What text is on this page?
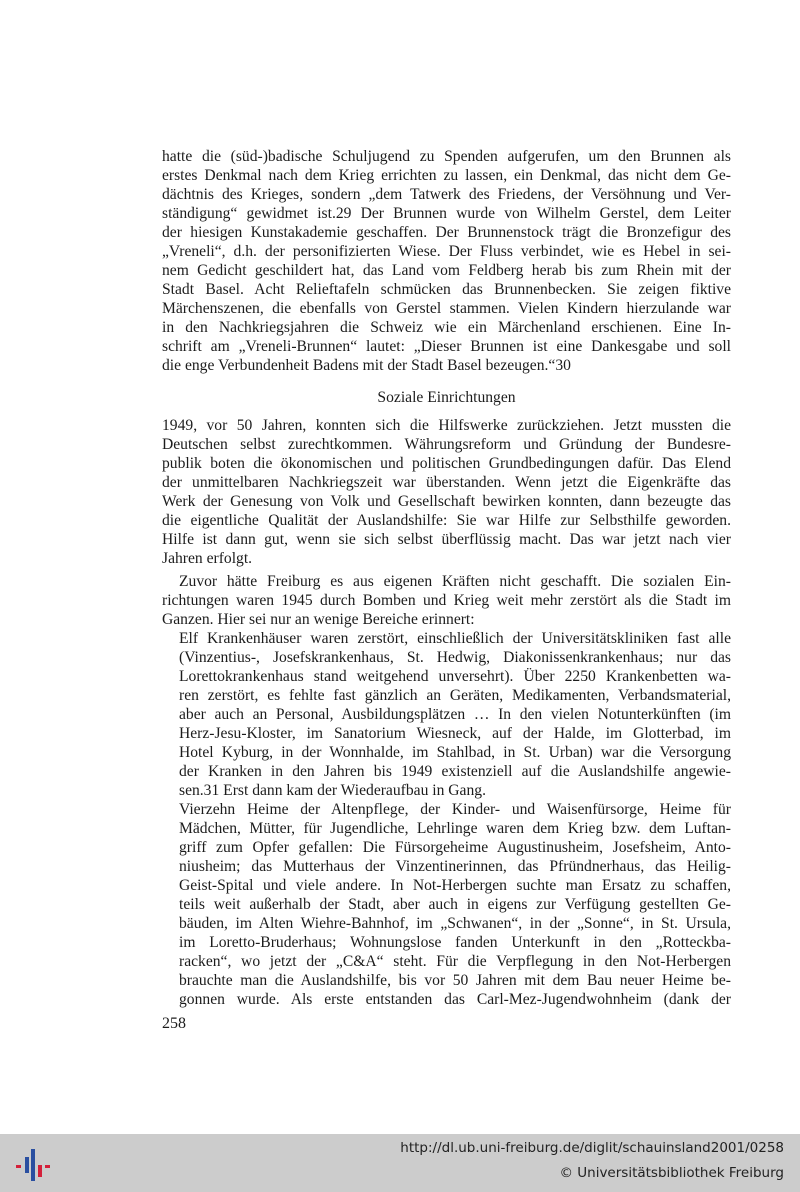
hatte die (süd-)badische Schuljugend zu Spenden aufgerufen, um den Brunnen als
erstes Denkmal nach dem Krieg errichten zu lassen, ein Denkmal, das nicht dem Ge-
dächtnis des Krieges, sondern „dem Tatwerk des Friedens, der Versöhnung und Ver-
ständigung“ gewidmet ist.29 Der Brunnen wurde von Wilhelm Gerstel, dem Leiter
der hiesigen Kunstakademie geschaffen. Der Brunnenstock trägt die Bronzefigur des
„Vreneli“, d.h. der personifizierten Wiese. Der Fluss verbindet, wie es Hebel in sei-
nem Gedicht geschildert hat, das Land vom Feldberg herab bis zum Rhein mit der
Stadt Basel. Acht Relieftafeln schmücken das Brunnenbecken. Sie zeigen fiktive
Märchenszenen, die ebenfalls von Gerstel stammen. Vielen Kindern hierzulande war
in den Nachkriegsjahren die Schweiz wie ein Märchenland erschienen. Eine In-
schrift am „Vreneli-Brunnen“ lautet: „Dieser Brunnen ist eine Dankesgabe und soll
die enge Verbundenheit Badens mit der Stadt Basel bezeugen.“30
Soziale Einrichtungen
1949, vor 50 Jahren, konnten sich die Hilfswerke zurückziehen. Jetzt mussten die
Deutschen selbst zurechtkommen. Währungsreform und Gründung der Bundesre-
publik boten die ökonomischen und politischen Grundbedingungen dafür. Das Elend
der unmittelbaren Nachkriegszeit war überstanden. Wenn jetzt die Eigenkräfte das
Werk der Genesung von Volk und Gesellschaft bewirken konnten, dann bezeugte das
die eigentliche Qualität der Auslandshilfe: Sie war Hilfe zur Selbsthilfe geworden.
Hilfe ist dann gut, wenn sie sich selbst überflüssig macht. Das war jetzt nach vier
Jahren erfolgt.
Zuvor hätte Freiburg es aus eigenen Kräften nicht geschafft. Die sozialen Ein-
richtungen waren 1945 durch Bomben und Krieg weit mehr zerstört als die Stadt im
Ganzen. Hier sei nur an wenige Bereiche erinnert:
Elf Krankenhäuser waren zerstört, einschließlich der Universitätskliniken fast alle
(Vinzentius-, Josefskrankenhaus, St. Hedwig, Diakonissenkrankenhaus; nur das
Lorettokrankenhaus stand weitgehend unversehrt). Über 2250 Krankenbetten wa-
ren zerstört, es fehlte fast gänzlich an Geräten, Medikamenten, Verbandsmaterial,
aber auch an Personal, Ausbildungsplätzen … In den vielen Notunterkünften (im
Herz-Jesu-Kloster, im Sanatorium Wiesneck, auf der Halde, im Glotterbad, im
Hotel Kyburg, in der Wonnhalde, im Stahlbad, in St. Urban) war die Versorgung
der Kranken in den Jahren bis 1949 existenziell auf die Auslandshilfe angewie-
sen.31 Erst dann kam der Wiederaufbau in Gang.
Vierzehn Heime der Altenpflege, der Kinder- und Waisenfürsorge, Heime für
Mädchen, Mütter, für Jugendliche, Lehrlinge waren dem Krieg bzw. dem Luftan-
griff zum Opfer gefallen: Die Fürsorgeheime Augustinusheim, Josefsheim, Anto-
niusheim; das Mutterhaus der Vinzentinerinnen, das Pfründnerhaus, das Heilig-
Geist-Spital und viele andere. In Not-Herbergen suchte man Ersatz zu schaffen,
teils weit außerhalb der Stadt, aber auch in eigens zur Verfügung gestellten Ge-
bäuden, im Alten Wiehre-Bahnhof, im „Schwanen“, in der „Sonne“, in St. Ursula,
im Loretto-Bruderhaus; Wohnungslose fanden Unterkunft in den „Rotteckba-
racken“, wo jetzt der „C&A“ steht. Für die Verpflegung in den Not-Herbergen
brauchte man die Auslandshilfe, bis vor 50 Jahren mit dem Bau neuer Heime be-
gonnen wurde. Als erste entstanden das Carl-Mez-Jugendwohnheim (dank der
258
http://dl.ub.uni-freiburg.de/diglit/schauinsland2001/0258
© Universitätsbibliothek Freiburg
